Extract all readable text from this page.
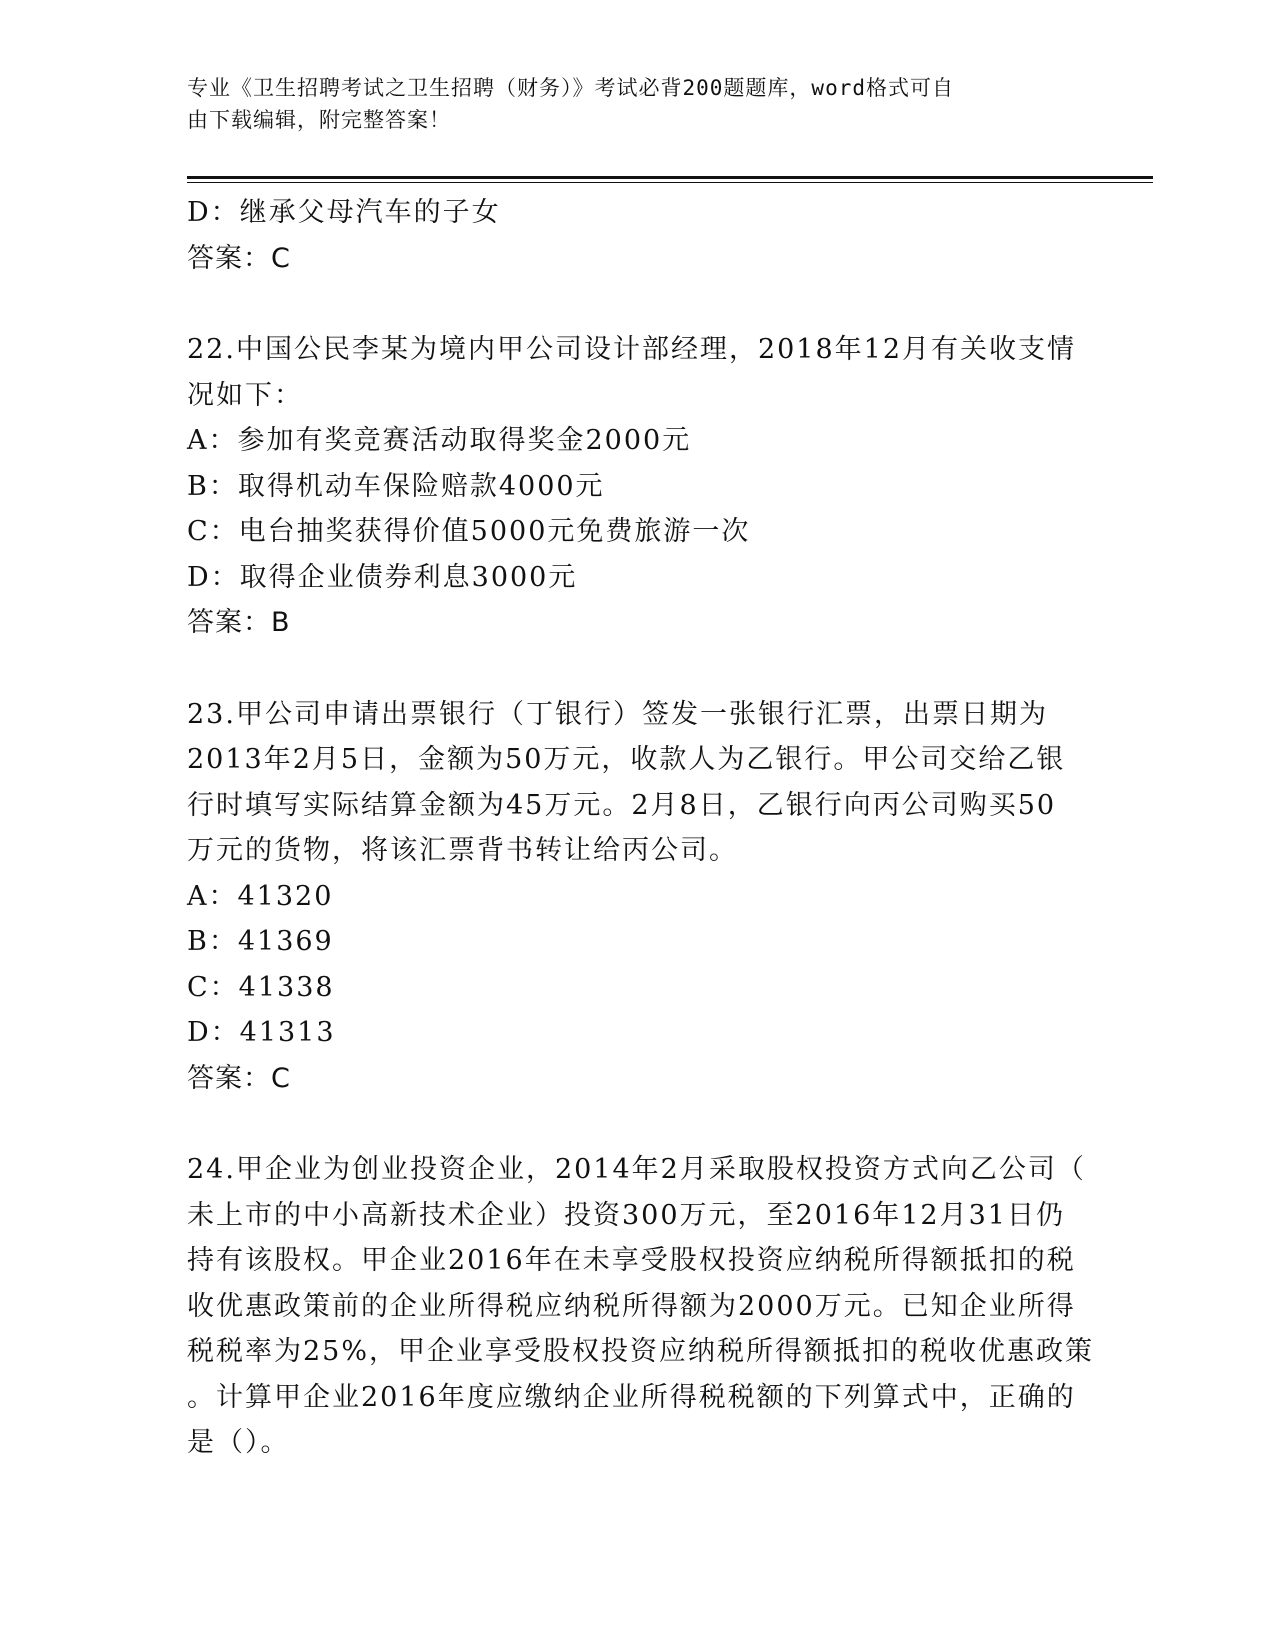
专业《卫生招聘考试之卫生招聘（财务）》考试必背200题题库，word格式可自
由下载编辑，附完整答案！
D：继承父母汽车的子女
答案：C
22.中国公民李某为境内甲公司设计部经理，2018年12月有关收支情
况如下：
A：参加有奖竞赛活动取得奖金2000元
B：取得机动车保险赔款4000元
C：电台抽奖获得价值5000元免费旅游一次
D：取得企业债券利息3000元
答案：B
23.甲公司申请出票银行（丁银行）签发一张银行汇票，出票日期为
2013年2月5日，金额为50万元，收款人为乙银行。甲公司交给乙银
行时填写实际结算金额为45万元。2月8日，乙银行向丙公司购买50
万元的货物，将该汇票背书转让给丙公司。
A：41320
B：41369
C：41338
D：41313
答案：C
24.甲企业为创业投资企业，2014年2月采取股权投资方式向乙公司（
未上市的中小高新技术企业）投资300万元，至2016年12月31日仍
持有该股权。甲企业2016年在未享受股权投资应纳税所得额抵扣的税
收优惠政策前的企业所得税应纳税所得额为2000万元。已知企业所得
税税率为25%，甲企业享受股权投资应纳税所得额抵扣的税收优惠政策
。计算甲企业2016年度应缴纳企业所得税税额的下列算式中，正确的
是（）。
